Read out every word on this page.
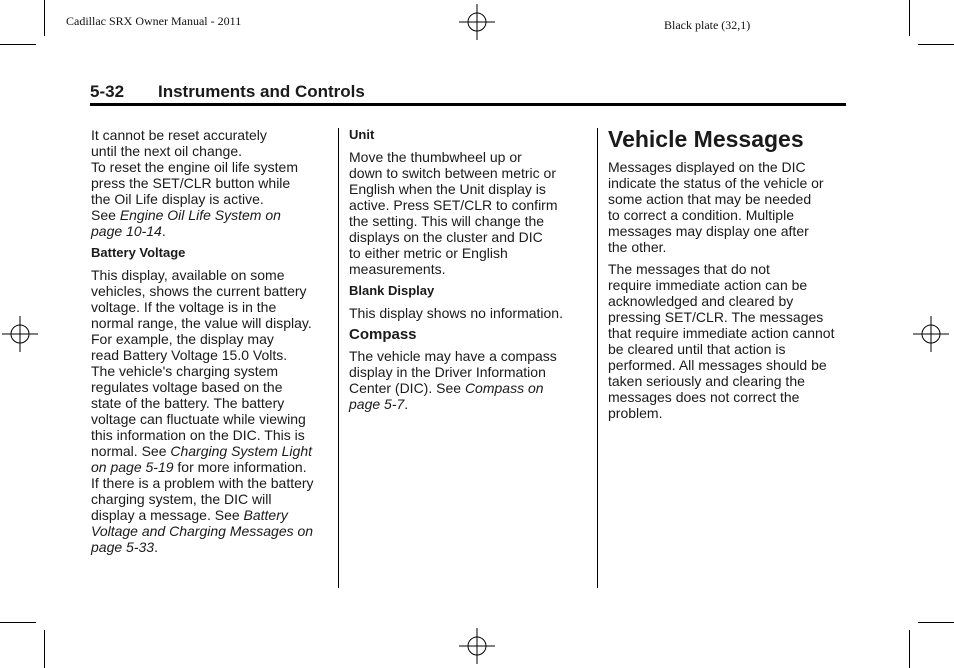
Cadillac SRX Owner Manual - 2011	Black plate (32,1)
5-32 Instruments and Controls

It cannot be reset accurately
until the next oil change.
To reset the engine oil life system
press the SET/CLR button while
the Oil Life display is active.
See Engine Oil Life System on
page 10-14.

Battery Voltage

This display, available on some
vehicles, shows the current battery
voltage. If the voltage is in the
normal range, the value will display.
For example, the display may
read Battery Voltage 15.0 Volts.
The vehicle's charging system
regulates voltage based on the
state of the battery. The battery
voltage can fluctuate while viewing
this information on the DIC. This is
normal. See Charging System Light
on page 5-19 for more information.
If there is a problem with the battery
charging system, the DIC will
display a message. See Battery
Voltage and Charging Messages on
page 5-33.

Unit

Move the thumbwheel up or
down to switch between metric or
English when the Unit display is
active. Press SET/CLR to confirm
the setting. This will change the
displays on the cluster and DIC
to either metric or English
measurements.

Blank Display

This display shows no information.

Compass

The vehicle may have a compass
display in the Driver Information
Center (DIC). See Compass on
page 5-7.

Vehicle Messages

Messages displayed on the DIC
indicate the status of the vehicle or
some action that may be needed
to correct a condition. Multiple
messages may display one after
the other.

The messages that do not
require immediate action can be
acknowledged and cleared by
pressing SET/CLR. The messages
that require immediate action cannot
be cleared until that action is
performed. All messages should be
taken seriously and clearing the
messages does not correct the
problem.
